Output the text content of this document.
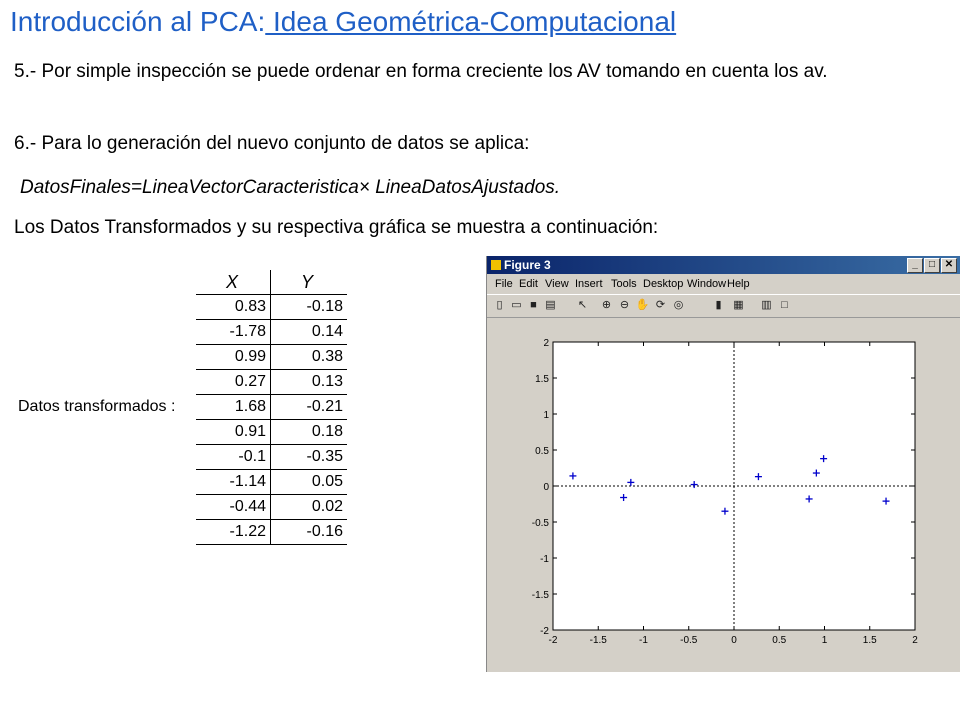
Introducción al PCA: Idea Geométrica-Computacional
5.- Por simple inspección se puede ordenar en forma creciente los AV tomando en cuenta los av.
6.- Para lo generación del nuevo conjunto de datos se aplica:
DatosFinales=LineaVectorCaracteristica× LineaDatosAjustados.
Los Datos Transformados y su respectiva gráfica se muestra a continuación:
Datos transformados :
X	Y
0.83	-0.18
-1.78	0.14
0.99	0.38
0.27	0.13
1.68	-0.21
0.91	0.18
-0.1	-0.35
-1.14	0.05
-0.44	0.02
-1.22	-0.16
Figure 3	_	□ ✕
File Edit View Insert Tools Desktop Window Help
▯ ▭ ■ ▤ ↖ ⊕ ⊖ ✋ ⟳ ◎	▮	▦ ▥ □
-2	-1.5	-1	-0.5	0	0.5	1	1.5	2
2
1.5
1
0.5
0
-0.5
-1
-1.5
-2
